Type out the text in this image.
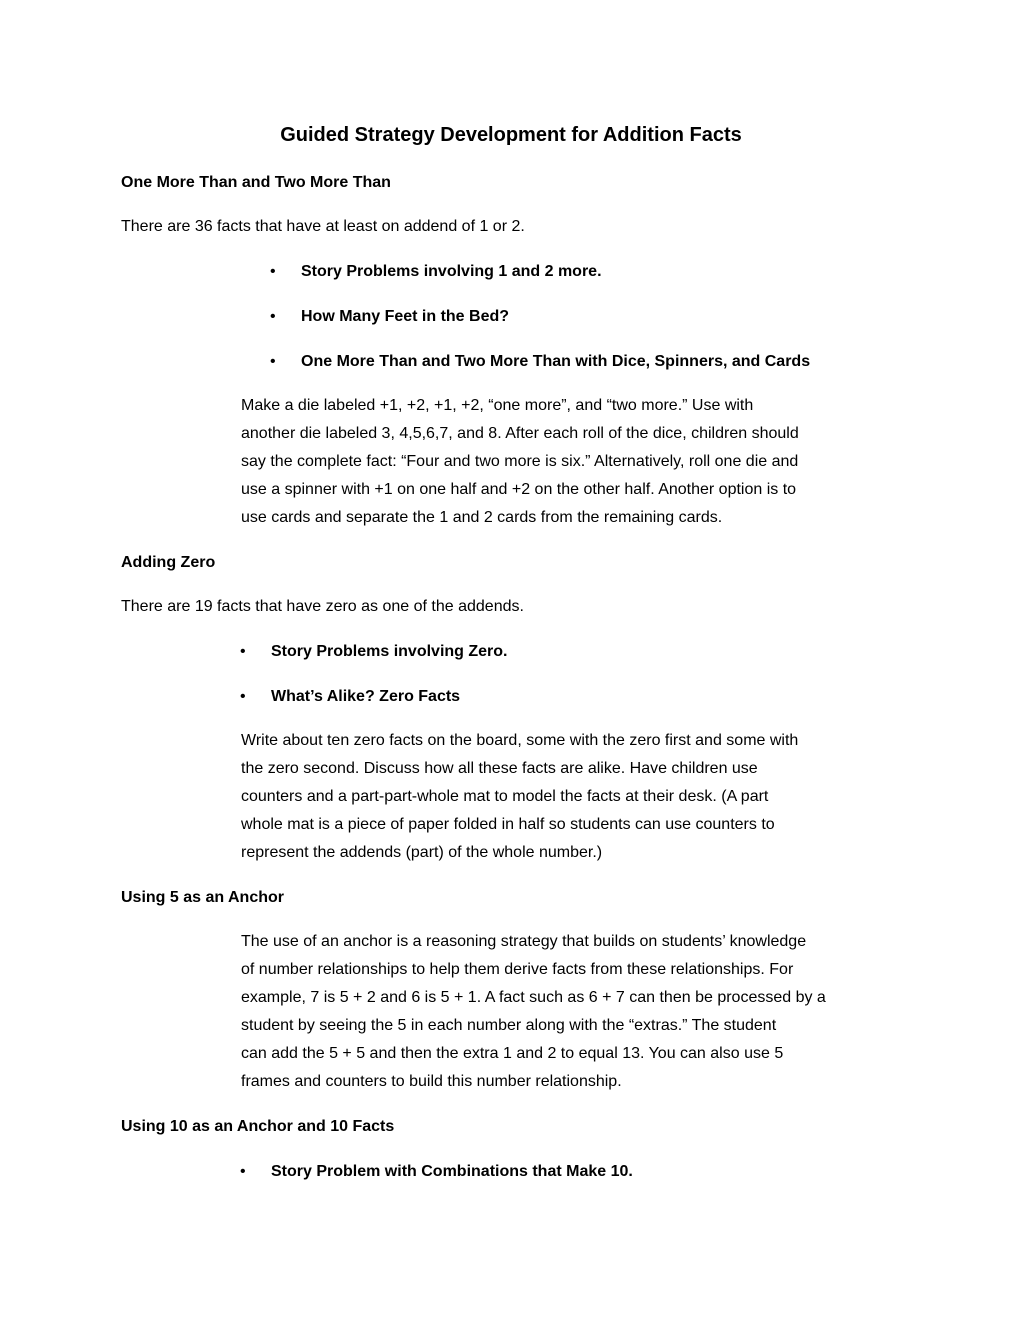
Guided Strategy Development for Addition Facts
One More Than and Two More Than
There are 36 facts that have at least on addend of 1 or 2.
• Story Problems involving 1 and 2 more.
• How Many Feet in the Bed?
• One More Than and Two More Than with Dice, Spinners, and Cards
Make a die labeled +1, +2, +1, +2, “one more”, and “two more.” Use with
another die labeled 3, 4,5,6,7, and 8. After each roll of the dice, children should
say the complete fact: “Four and two more is six.” Alternatively, roll one die and
use a spinner with +1 on one half and +2 on the other half. Another option is to
use cards and separate the 1 and 2 cards from the remaining cards.
Adding Zero
There are 19 facts that have zero as one of the addends.
• Story Problems involving Zero.
• What’s Alike? Zero Facts
Write about ten zero facts on the board, some with the zero first and some with
the zero second. Discuss how all these facts are alike. Have children use
counters and a part-part-whole mat to model the facts at their desk. (A part
whole mat is a piece of paper folded in half so students can use counters to
represent the addends (part) of the whole number.)
Using 5 as an Anchor
The use of an anchor is a reasoning strategy that builds on students’ knowledge
of number relationships to help them derive facts from these relationships. For
example, 7 is 5 + 2 and 6 is 5 + 1. A fact such as 6 + 7 can then be processed by a
student by seeing the 5 in each number along with the “extras.” The student
can add the 5 + 5 and then the extra 1 and 2 to equal 13. You can also use 5
frames and counters to build this number relationship.
Using 10 as an Anchor and 10 Facts
• Story Problem with Combinations that Make 10.
